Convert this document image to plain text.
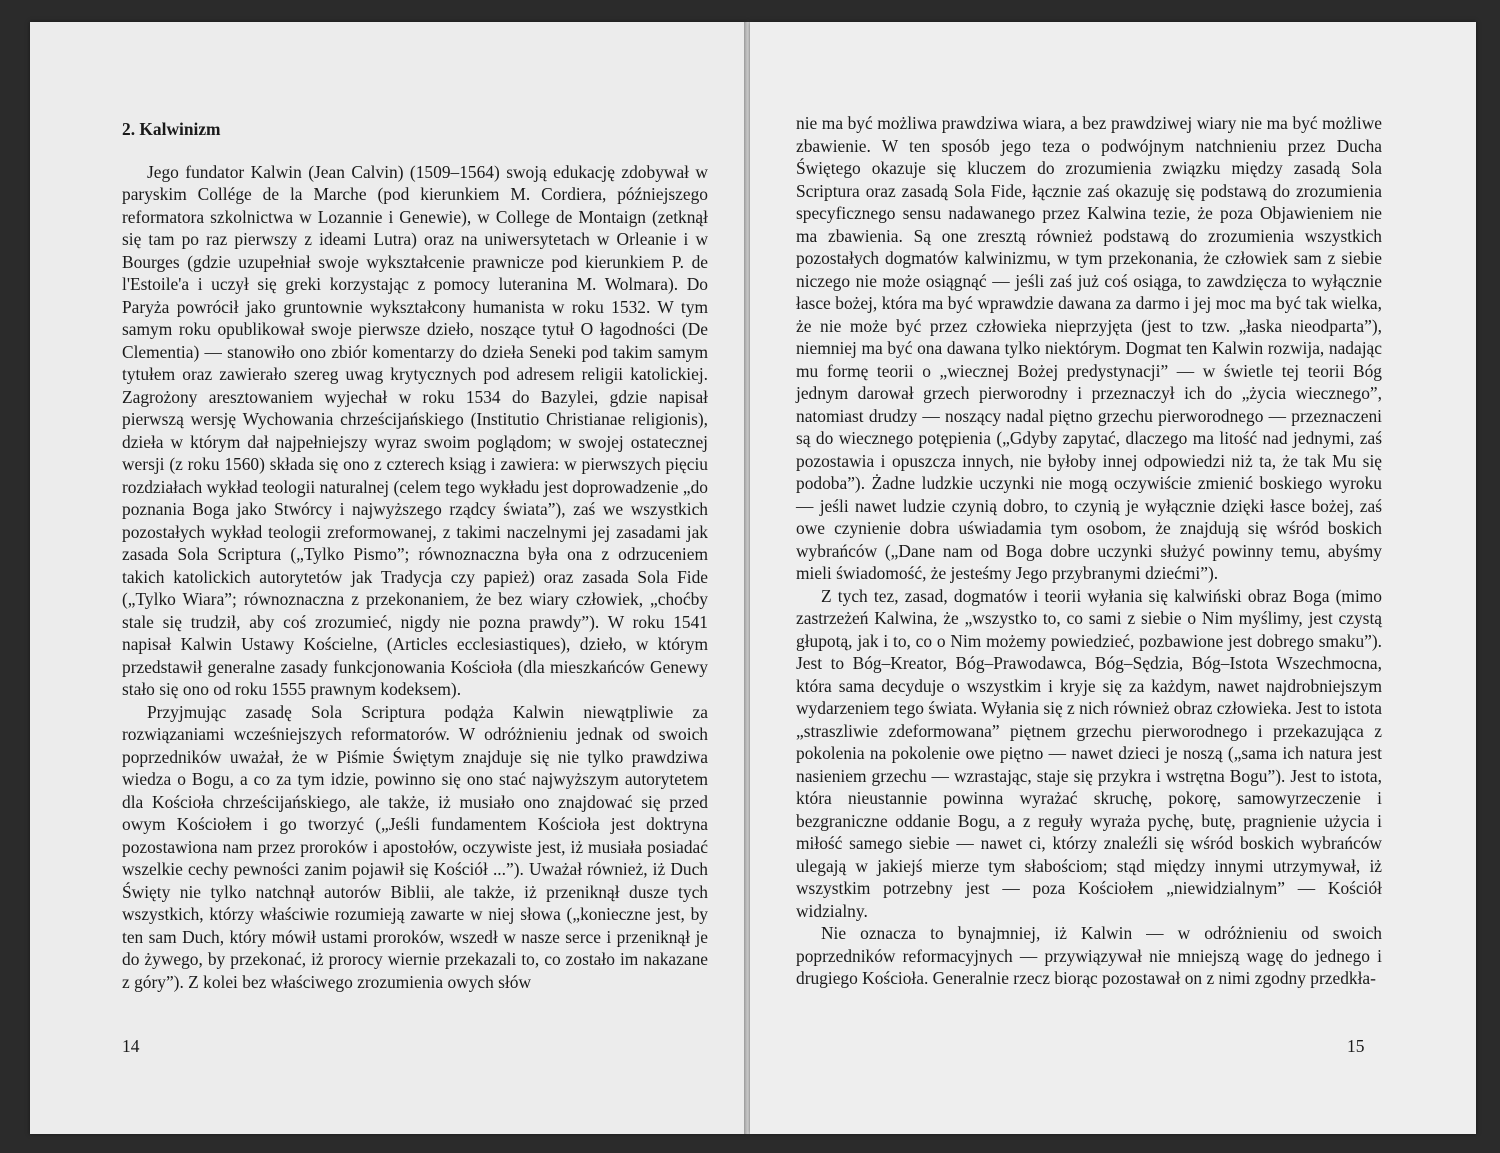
2. Kalwinizm

Jego fundator Kalwin (Jean Calvin) (1509–1564) swoją edukację zdobywał w paryskim Collége de la Marche (pod kierunkiem M. Cordiera, późniejszego reformatora szkolnictwa w Lozannie i Genewie), w College de Montaign (zetknął się tam po raz pierwszy z ideami Lutra) oraz na uniwersytetach w Orleanie i w Bourges (gdzie uzupełniał swoje wykształcenie prawnicze pod kierunkiem P. de l'Estoile'a i uczył się greki korzystając z pomocy luteranina M. Wolmara). Do Paryża powrócił jako gruntownie wykształcony humanista w roku 1532. W tym samym roku opublikował swoje pierwsze dzieło, noszące tytuł O łagodności (De Clementia) — stanowiło ono zbiór komentarzy do dzieła Seneki pod takim samym tytułem oraz zawierało szereg uwag krytycznych pod adresem religii katolickiej. Zagrożony aresztowaniem wyjechał w roku 1534 do Bazylei, gdzie napisał pierwszą wersję Wychowania chrześcijańskiego (Institutio Christianae religionis), dzieła w którym dał najpełniejszy wyraz swoim poglądom; w swojej ostatecznej wersji (z roku 1560) składa się ono z czterech ksiąg i zawiera: w pierwszych pięciu rozdziałach wykład teologii naturalnej (celem tego wykładu jest doprowadzenie „do poznania Boga jako Stwórcy i najwyższego rządcy świata”), zaś we wszystkich pozostałych wykład teologii zreformowanej, z takimi naczelnymi jej zasadami jak zasada Sola Scriptura („Tylko Pismo”; równoznaczna była ona z odrzuceniem takich katolickich autorytetów jak Tradycja czy papież) oraz zasada Sola Fide („Tylko Wiara”; równoznaczna z przekonaniem, że bez wiary człowiek, „choćby stale się trudził, aby coś zrozumieć, nigdy nie pozna prawdy”). W roku 1541 napisał Kalwin Ustawy Kościelne, (Articles ecclesiastiques), dzieło, w którym przedstawił generalne zasady funkcjonowania Kościoła (dla mieszkańców Genewy stało się ono od roku 1555 prawnym kodeksem).

Przyjmując zasadę Sola Scriptura podąża Kalwin niewątpliwie za rozwiązaniami wcześniejszych reformatorów. W odróżnieniu jednak od swoich poprzedników uważał, że w Piśmie Świętym znajduje się nie tylko prawdziwa wiedza o Bogu, a co za tym idzie, powinno się ono stać najwyższym autorytetem dla Kościoła chrześcijańskiego, ale także, iż musiało ono znajdować się przed owym Kościołem i go tworzyć („Jeśli fundamentem Kościoła jest doktryna pozostawiona nam przez proroków i apostołów, oczywiste jest, iż musiała posiadać wszelkie cechy pewności zanim pojawił się Kościół ...”). Uważał również, iż Duch Święty nie tylko natchnął autorów Biblii, ale także, iż przeniknął dusze tych wszystkich, którzy właściwie rozumieją zawarte w niej słowa („konieczne jest, by ten sam Duch, który mówił ustami proroków, wszedł w nasze serce i przeniknął je do żywego, by przekonać, iż prorocy wiernie przekazali to, co zostało im nakazane z góry”). Z kolei bez właściwego zrozumienia owych słów

14

nie ma być możliwa prawdziwa wiara, a bez prawdziwej wiary nie ma być możliwe zbawienie. W ten sposób jego teza o podwójnym natchnieniu przez Ducha Świętego okazuje się kluczem do zrozumienia związku między zasadą Sola Scriptura oraz zasadą Sola Fide, łącznie zaś okazuję się podstawą do zrozumienia specyficznego sensu nadawanego przez Kalwina tezie, że poza Objawieniem nie ma zbawienia. Są one zresztą również podstawą do zrozumienia wszystkich pozostałych dogmatów kalwinizmu, w tym przekonania, że człowiek sam z siebie niczego nie może osiągnąć — jeśli zaś już coś osiąga, to zawdzięcza to wyłącznie łasce bożej, która ma być wprawdzie dawana za darmo i jej moc ma być tak wielka, że nie może być przez człowieka nieprzyjęta (jest to tzw. „łaska nieodparta”), niemniej ma być ona dawana tylko niektórym. Dogmat ten Kalwin rozwija, nadając mu formę teorii o „wiecznej Bożej predystynacji” — w świetle tej teorii Bóg jednym darował grzech pierworodny i przeznaczył ich do „życia wiecznego”, natomiast drudzy — noszący nadal piętno grzechu pierworodnego — przeznaczeni są do wiecznego potępienia („Gdyby zapytać, dlaczego ma litość nad jednymi, zaś pozostawia i opuszcza innych, nie byłoby innej odpowiedzi niż ta, że tak Mu się podoba”). Żadne ludzkie uczynki nie mogą oczywiście zmienić boskiego wyroku — jeśli nawet ludzie czynią dobro, to czynią je wyłącznie dzięki łasce bożej, zaś owe czynienie dobra uświadamia tym osobom, że znajdują się wśród boskich wybrańców („Dane nam od Boga dobre uczynki służyć powinny temu, abyśmy mieli świadomość, że jesteśmy Jego przybranymi dziećmi”).

Z tych tez, zasad, dogmatów i teorii wyłania się kalwiński obraz Boga (mimo zastrzeżeń Kalwina, że „wszystko to, co sami z siebie o Nim myślimy, jest czystą głupotą, jak i to, co o Nim możemy powiedzieć, pozbawione jest dobrego smaku”). Jest to Bóg–Kreator, Bóg–Prawodawca, Bóg–Sędzia, Bóg–Istota Wszechmocna, która sama decyduje o wszystkim i kryje się za każdym, nawet najdrobniejszym wydarzeniem tego świata. Wyłania się z nich również obraz człowieka. Jest to istota „straszliwie zdeformowana” piętnem grzechu pierworodnego i przekazująca z pokolenia na pokolenie owe piętno — nawet dzieci je noszą („sama ich natura jest nasieniem grzechu — wzrastając, staje się przykra i wstrętna Bogu”). Jest to istota, która nieustannie powinna wyrażać skruchę, pokorę, samowyrzeczenie i bezgraniczne oddanie Bogu, a z reguły wyraża pychę, butę, pragnienie użycia i miłość samego siebie — nawet ci, którzy znaleźli się wśród boskich wybrańców ulegają w jakiejś mierze tym słabościom; stąd między innymi utrzymywał, iż wszystkim potrzebny jest — poza Kościołem „niewidzialnym” — Kościół widzialny.

Nie oznacza to bynajmniej, iż Kalwin — w odróżnieniu od swoich poprzedników reformacyjnych — przywiązywał nie mniejszą wagę do jednego i drugiego Kościoła. Generalnie rzecz biorąc pozostawał on z nimi zgodny przedkła-

15
